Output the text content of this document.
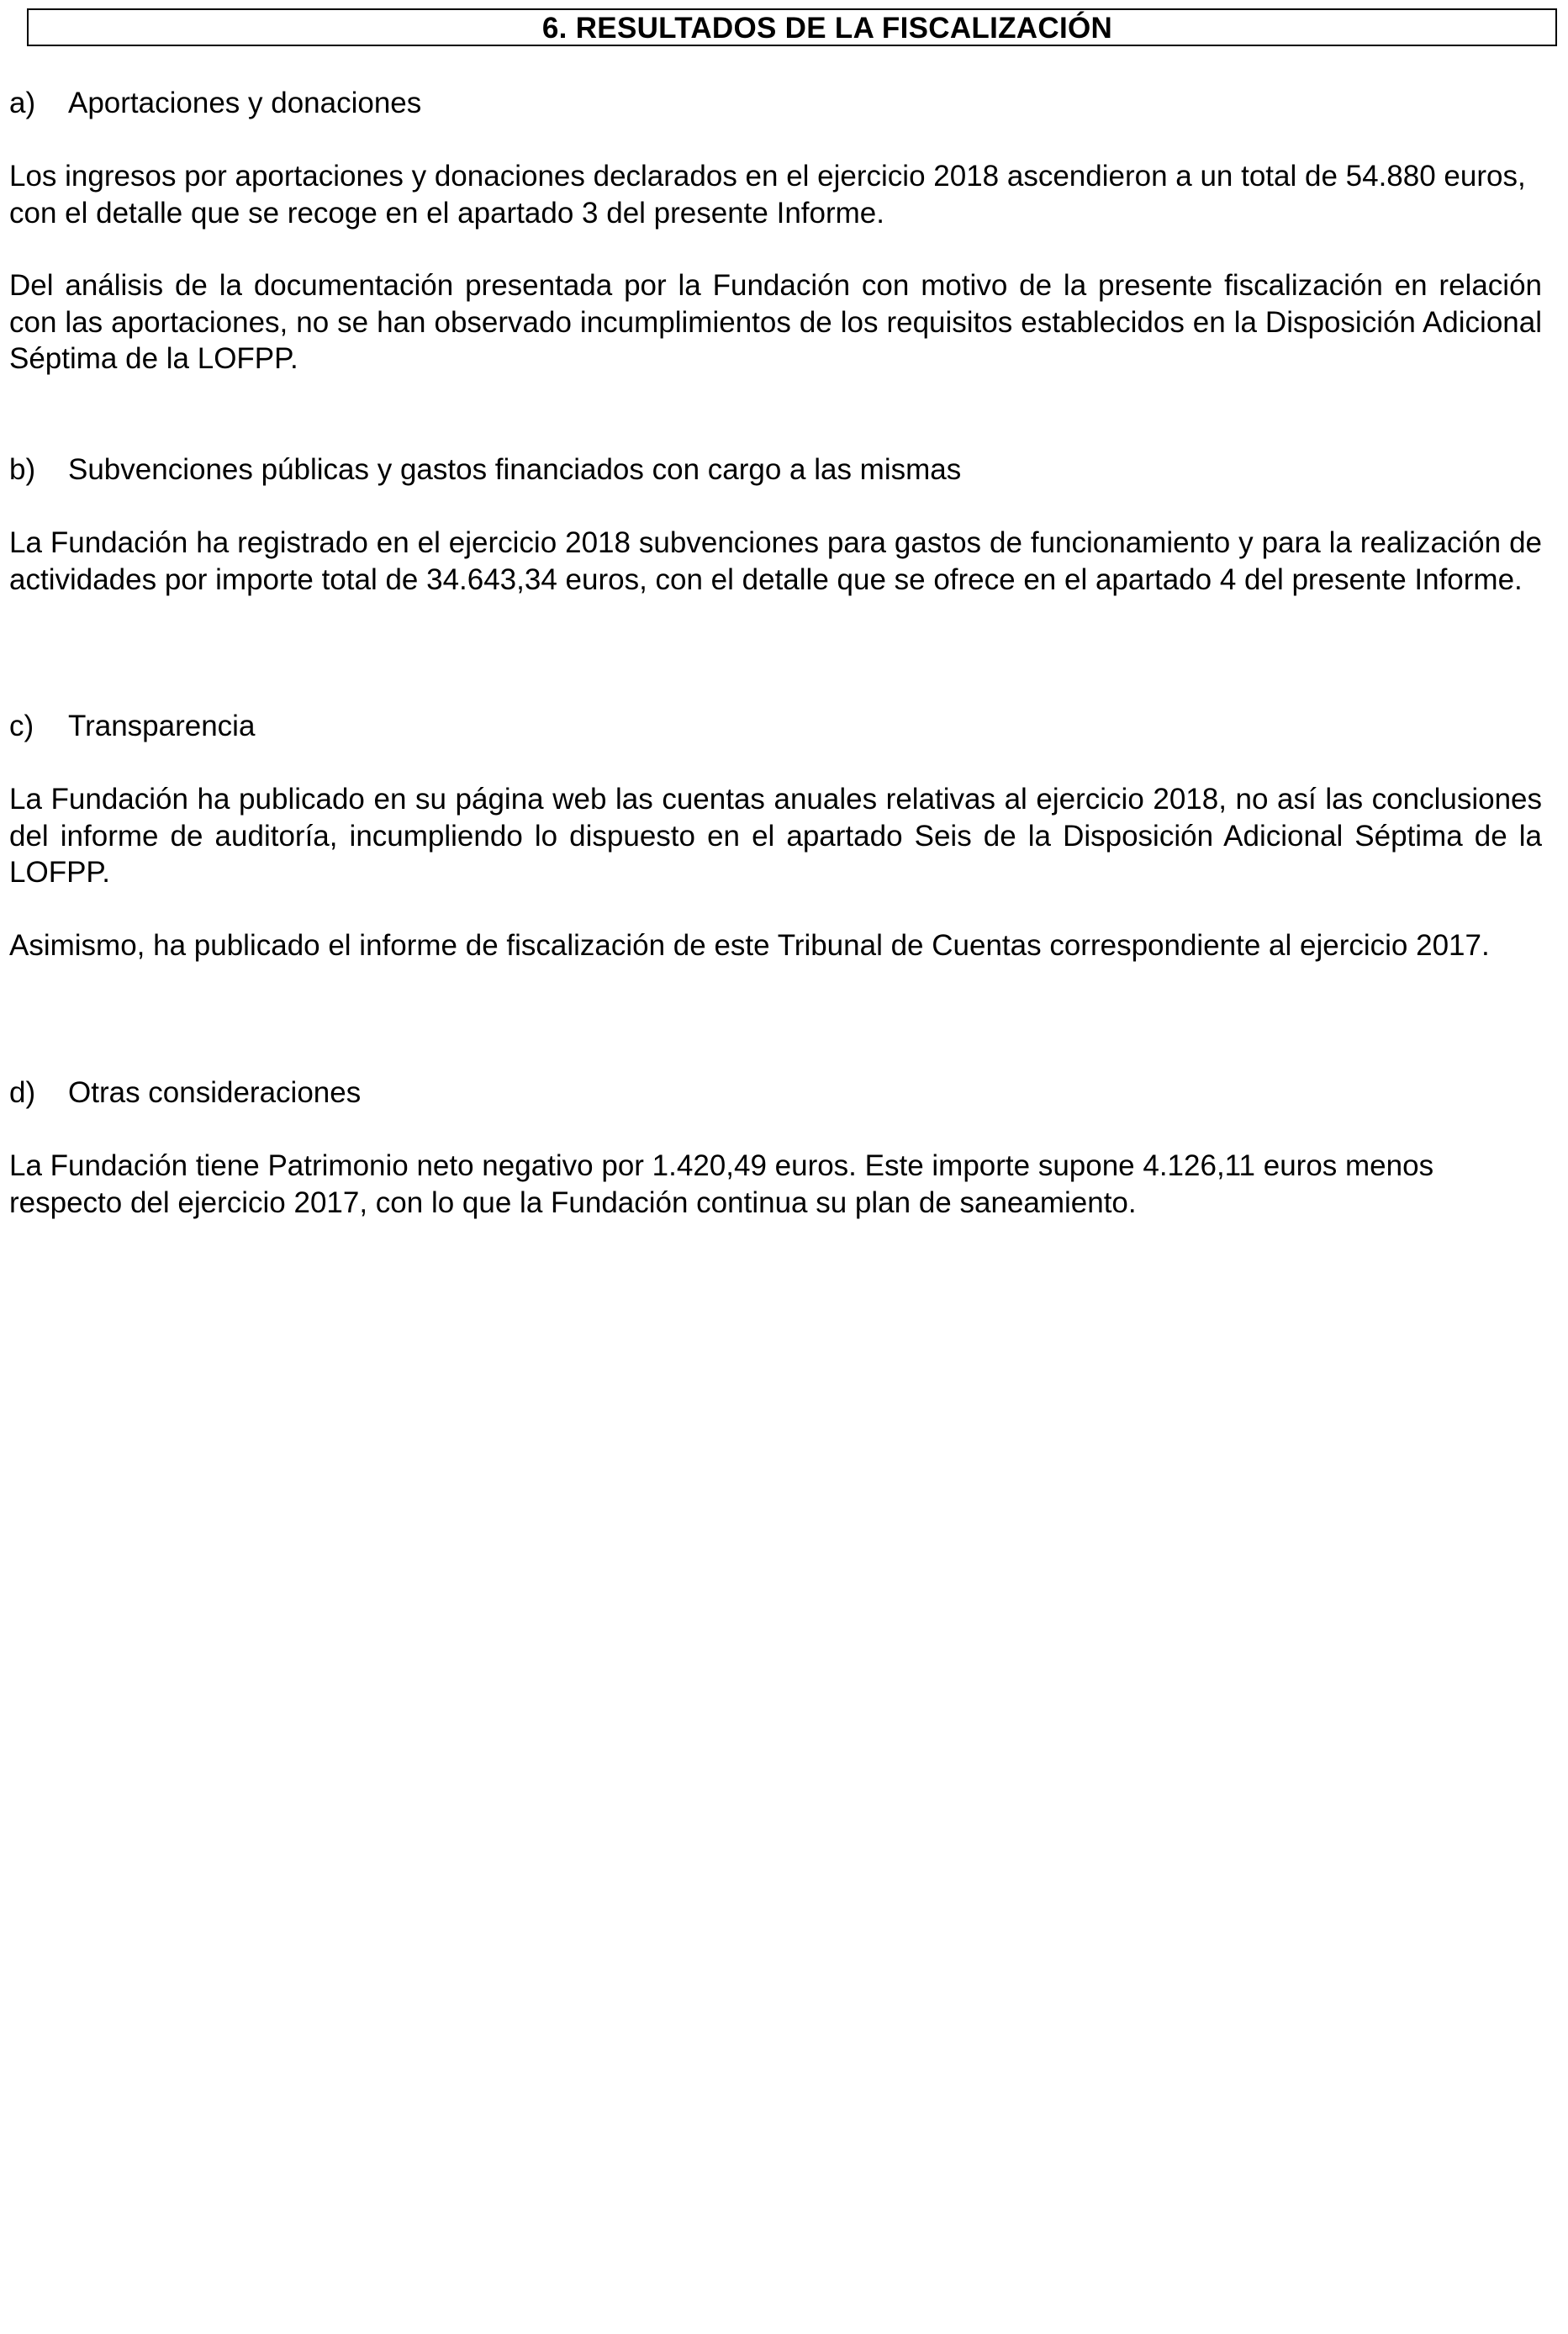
6. RESULTADOS DE LA FISCALIZACIÓN
a) Aportaciones y donaciones
Los ingresos por aportaciones y donaciones declarados en el ejercicio 2018 ascendieron a un total de 54.880 euros, con el detalle que se recoge en el apartado 3 del presente Informe.
Del análisis de la documentación presentada por la Fundación con motivo de la presente fiscalización en relación con las aportaciones, no se han observado incumplimientos de los requisitos establecidos en la Disposición Adicional Séptima de la LOFPP.
b) Subvenciones públicas y gastos financiados con cargo a las mismas
La Fundación ha registrado en el ejercicio 2018 subvenciones para gastos de funcionamiento y para la realización de actividades por importe total de 34.643,34 euros, con el detalle que se ofrece en el apartado 4 del presente Informe.
c) Transparencia
La Fundación ha publicado en su página web las cuentas anuales relativas al ejercicio 2018, no así las conclusiones del informe de auditoría, incumpliendo lo dispuesto en el apartado Seis de la Disposición Adicional Séptima de la LOFPP.
Asimismo, ha publicado el informe de fiscalización de este Tribunal de Cuentas correspondiente al ejercicio 2017.
d) Otras consideraciones
La Fundación tiene Patrimonio neto negativo por 1.420,49 euros. Este importe supone 4.126,11 euros menos respecto del ejercicio 2017, con lo que la Fundación continua su plan de saneamiento.
